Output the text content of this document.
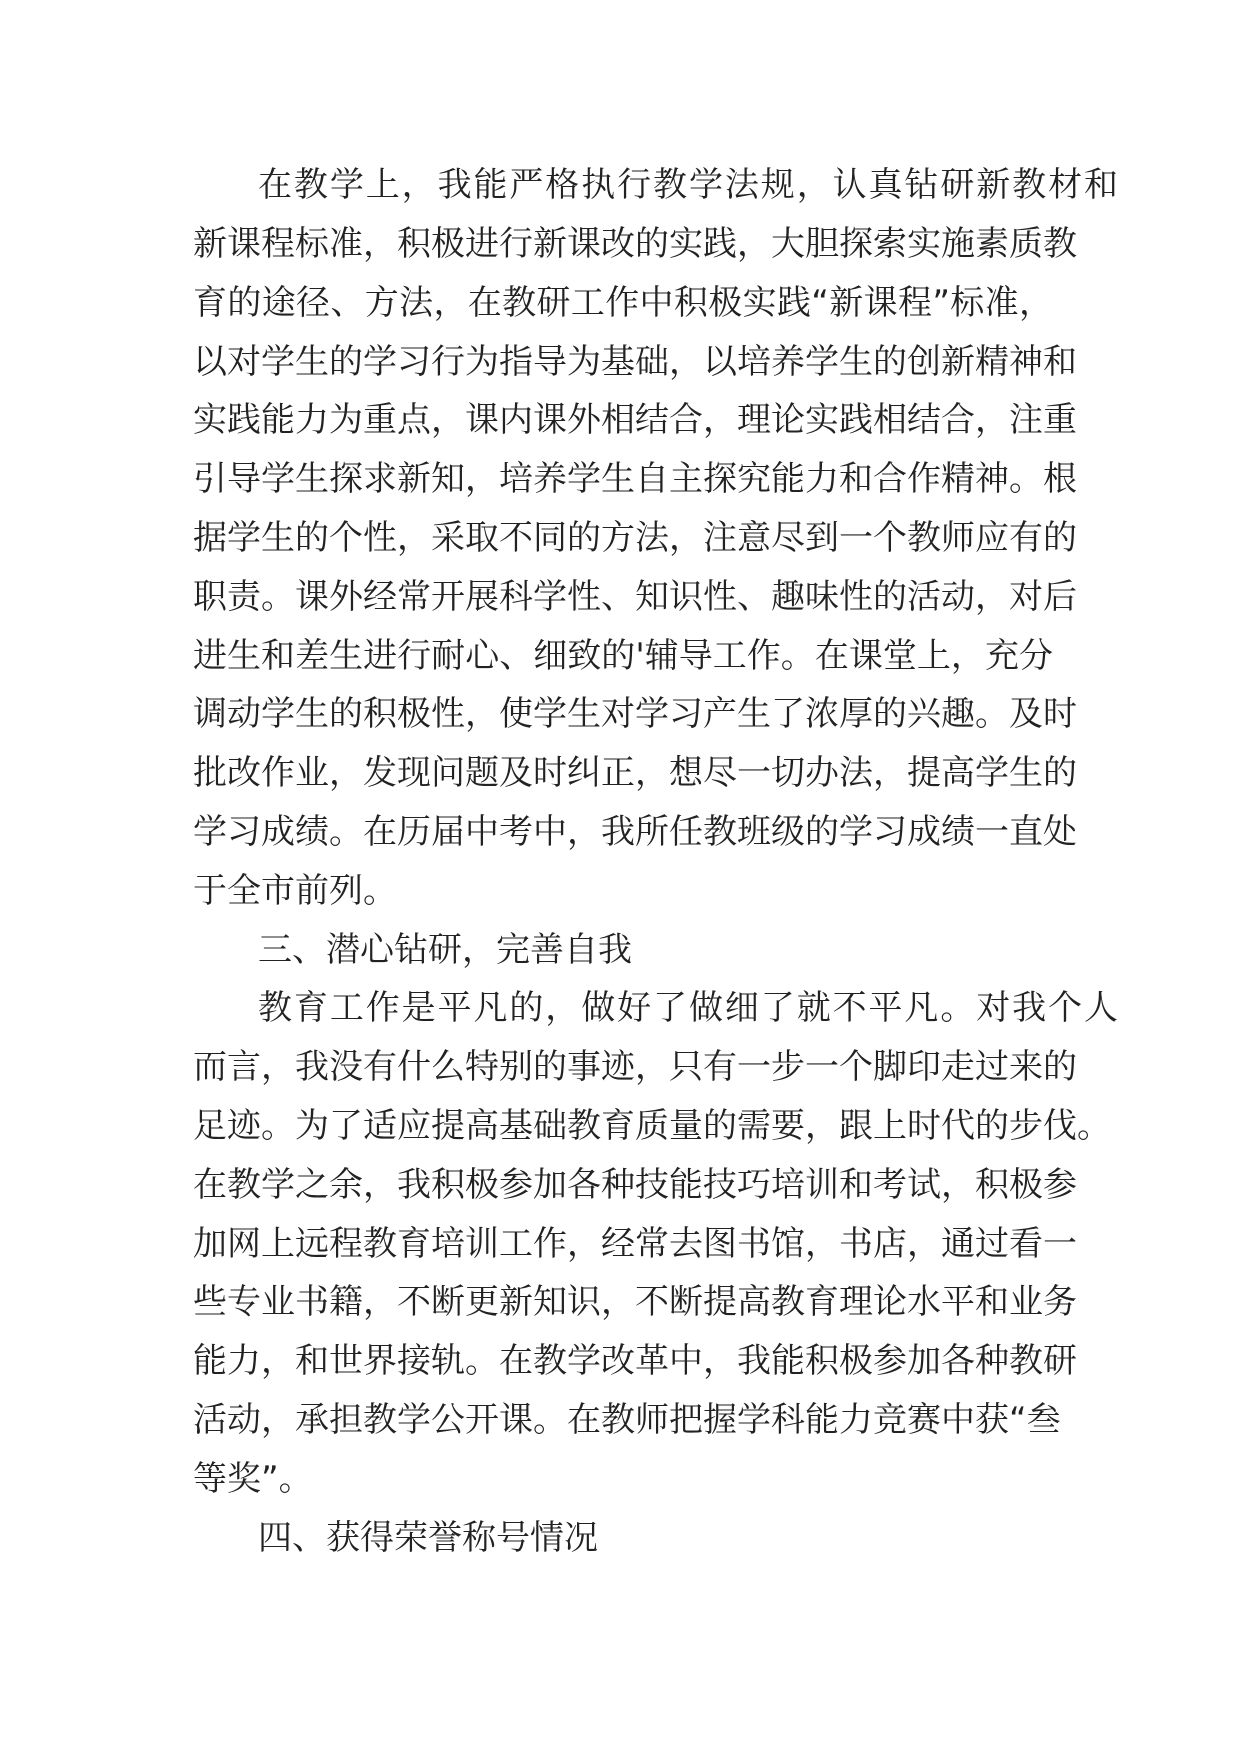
在教学上，我能严格执行教学法规，认真钻研新教材和
新课程标准，积极进行新课改的实践，大胆探索实施素质教
育的途径、方法，在教研工作中积极实践“新课程”标准，
以对学生的学习行为指导为基础，以培养学生的创新精神和
实践能力为重点，课内课外相结合，理论实践相结合，注重
引导学生探求新知，培养学生自主探究能力和合作精神。根
据学生的个性，采取不同的方法，注意尽到一个教师应有的
职责。课外经常开展科学性、知识性、趣味性的活动，对后
进生和差生进行耐心、细致的'辅导工作。在课堂上，充分
调动学生的积极性，使学生对学习产生了浓厚的兴趣。及时
批改作业，发现问题及时纠正，想尽一切办法，提高学生的
学习成绩。在历届中考中，我所任教班级的学习成绩一直处
于全市前列。
三、潜心钻研，完善自我
教育工作是平凡的，做好了做细了就不平凡。对我个人
而言，我没有什么特别的事迹，只有一步一个脚印走过来的
足迹。为了适应提高基础教育质量的需要，跟上时代的步伐。
在教学之余，我积极参加各种技能技巧培训和考试，积极参
加网上远程教育培训工作，经常去图书馆，书店，通过看一
些专业书籍，不断更新知识，不断提高教育理论水平和业务
能力，和世界接轨。在教学改革中，我能积极参加各种教研
活动，承担教学公开课。在教师把握学科能力竞赛中获“叁
等奖”。
四、获得荣誉称号情况
